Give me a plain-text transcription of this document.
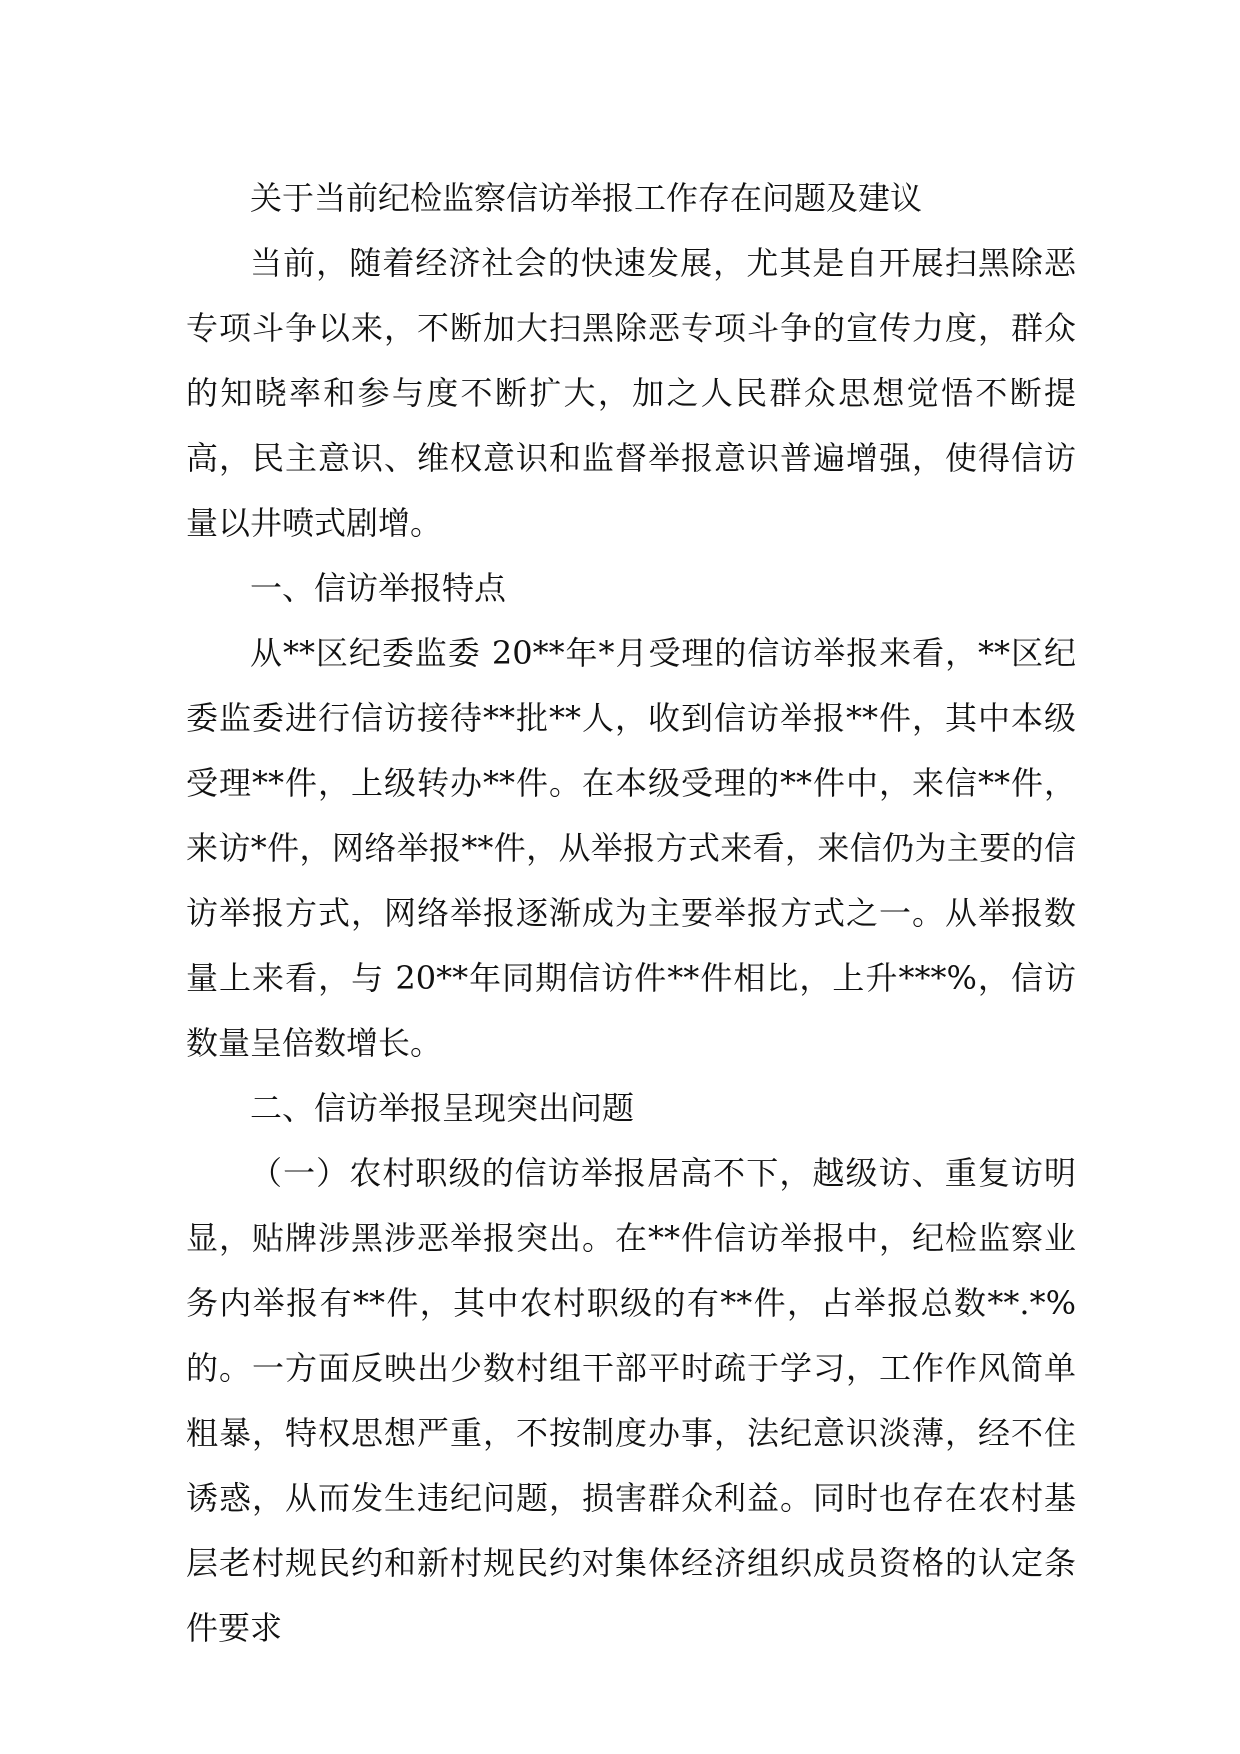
关于当前纪检监察信访举报工作存在问题及建议

当前，随着经济社会的快速发展，尤其是自开展扫黑除恶专项斗争以来，不断加大扫黑除恶专项斗争的宣传力度，群众的知晓率和参与度不断扩大，加之人民群众思想觉悟不断提高，民主意识、维权意识和监督举报意识普遍增强，使得信访量以井喷式剧增。

一、信访举报特点

从**区纪委监委 20**年*月受理的信访举报来看，**区纪委监委进行信访接待**批**人，收到信访举报**件，其中本级受理**件，上级转办**件。在本级受理的**件中，来信**件，来访*件，网络举报**件，从举报方式来看，来信仍为主要的信访举报方式，网络举报逐渐成为主要举报方式之一。从举报数量上来看，与 20**年同期信访件**件相比，上升***%，信访数量呈倍数增长。

二、信访举报呈现突出问题

（一）农村职级的信访举报居高不下，越级访、重复访明显，贴牌涉黑涉恶举报突出。在**件信访举报中，纪检监察业务内举报有**件，其中农村职级的有**件，占举报总数**.*%的。一方面反映出少数村组干部平时疏于学习，工作作风简单粗暴，特权思想严重，不按制度办事，法纪意识淡薄，经不住诱惑，从而发生违纪问题，损害群众利益。同时也存在农村基层老村规民约和新村规民约对集体经济组织成员资格的认定条件要求
